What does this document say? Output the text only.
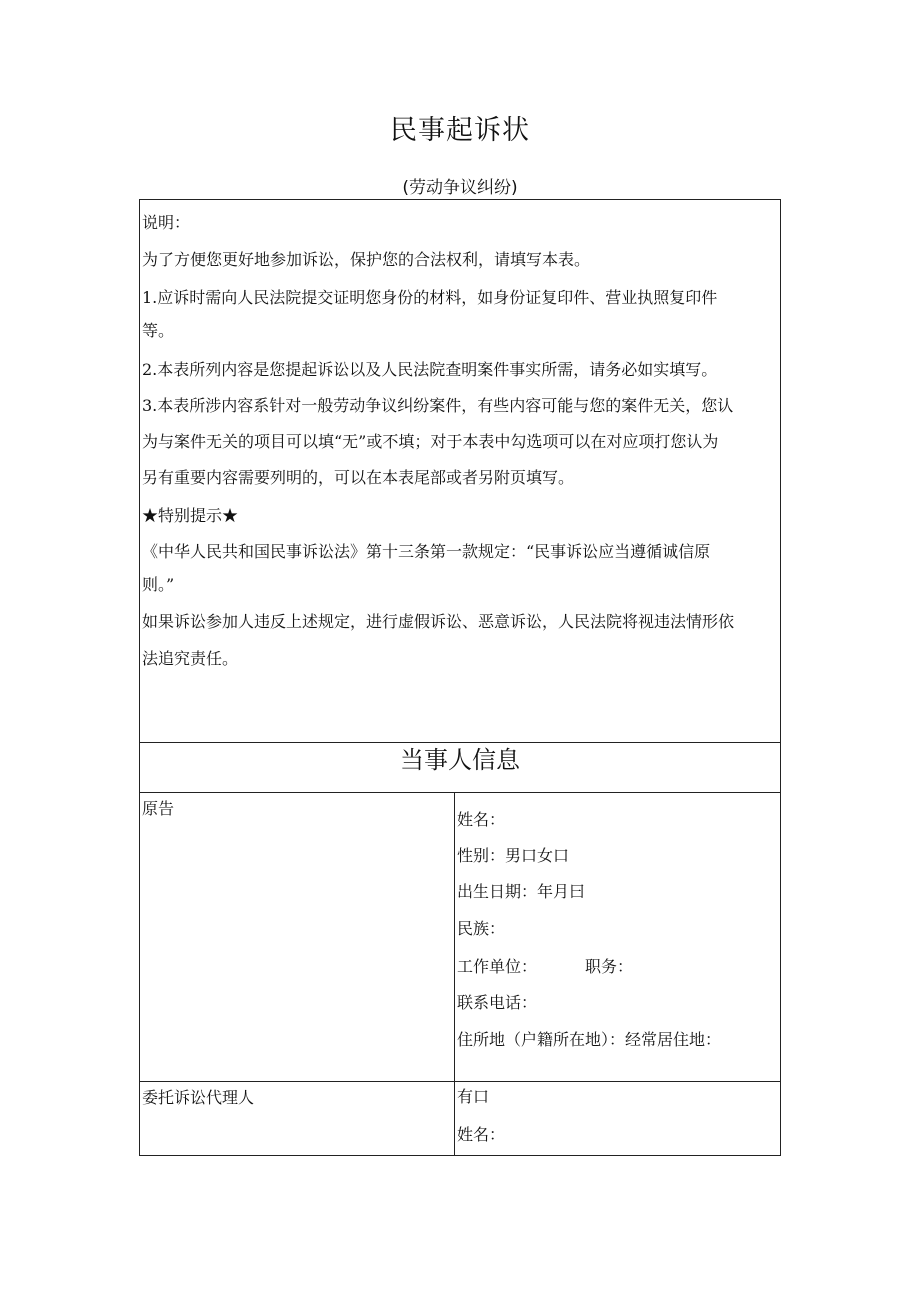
民事起诉状
(劳动争议纠纷)
说明：
为了方便您更好地参加诉讼，保护您的合法权利，请填写本表。
1.应诉时需向人民法院提交证明您身份的材料，如身份证复印件、营业执照复印件
等。
2.本表所列内容是您提起诉讼以及人民法院查明案件事实所需，请务必如实填写。
3.本表所涉内容系针对一般劳动争议纠纷案件，有些内容可能与您的案件无关，您认
为与案件无关的项目可以填“无”或不填；对于本表中勾选项可以在对应项打您认为
另有重要内容需要列明的，可以在本表尾部或者另附页填写。
★特别提示★
《中华人民共和国民事诉讼法》第十三条第一款规定：“民事诉讼应当遵循诚信原
则。”
如果诉讼参加人违反上述规定，进行虚假诉讼、恶意诉讼，人民法院将视违法情形依
法追究责任。
当事人信息
原告
姓名：
性别：男口女口
出生日期：年月曰
民族：
工作单位：	职务：
联系电话：
住所地（户籍所在地）：经常居住地：
委托诉讼代理人	有口
姓名：
